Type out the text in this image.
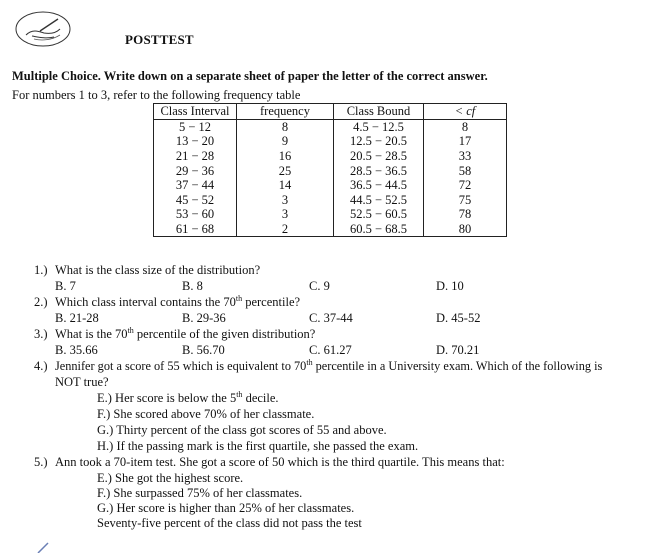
POSTTEST
Multiple Choice. Write down on a separate sheet of paper the letter of the correct answer.
For numbers 1 to 3, refer to the following frequency table
Class Interval	frequency	Class Bound	< cf
5 − 12	8	4.5 − 12.5	8
13 − 20	9	12.5 − 20.5	17
21 − 28	16	20.5 − 28.5	33
29 − 36	25	28.5 − 36.5	58
37 − 44	14	36.5 − 44.5	72
45 − 52	3	44.5 − 52.5	75
53 − 60	3	52.5 − 60.5	78
61 − 68	2	60.5 − 68.5	80
1.) What is the class size of the distribution?
B. 7	B. 8	C. 9	D. 10
2.) Which class interval contains the 70th percentile?
B. 21-28	B. 29-36	C. 37-44	D. 45-52
3.) What is the 70th percentile of the given distribution?
B. 35.66	B. 56.70	C. 61.27	D. 70.21
4.) Jennifer got a score of 55 which is equivalent to 70th percentile in a University exam. Which of the following is
NOT true?
E.) Her score is below the 5th decile.
F.) She scored above 70% of her classmate.
G.) Thirty percent of the class got scores of 55 and above.
H.) If the passing mark is the first quartile, she passed the exam.
5.) Ann took a 70-item test. She got a score of 50 which is the third quartile. This means that:
E.) She got the highest score.
F.) She surpassed 75% of her classmates.
G.) Her score is higher than 25% of her classmates.
Seventy-five percent of the class did not pass the test
